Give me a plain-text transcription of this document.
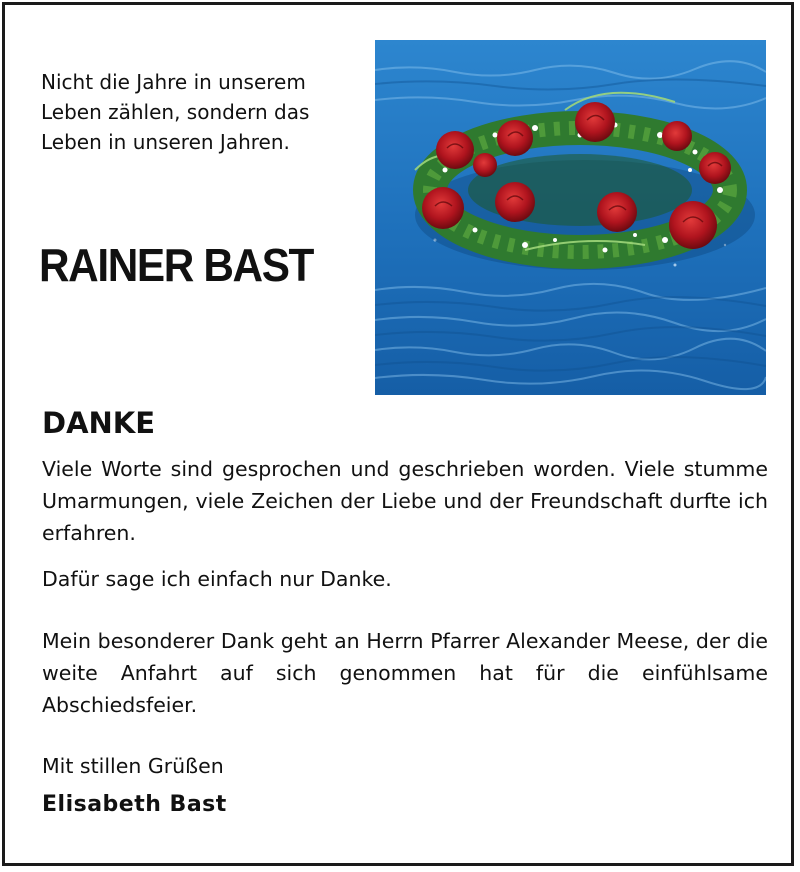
Nicht die Jahre in unserem
Leben zählen, sondern das
Leben in unseren Jahren.
RAINER BAST
DANKE

Viele Worte sind gesprochen und geschrieben worden. Viele stumme Umarmungen, viele Zeichen der Liebe und der Freundschaft durfte ich erfahren.

Dafür sage ich einfach nur Danke.

Mein besonderer Dank geht an Herrn Pfarrer Alexander Meese, der die weite Anfahrt auf sich genommen hat für die einfühlsame Abschiedsfeier.

Mit stillen Grüßen
Elisabeth Bast
